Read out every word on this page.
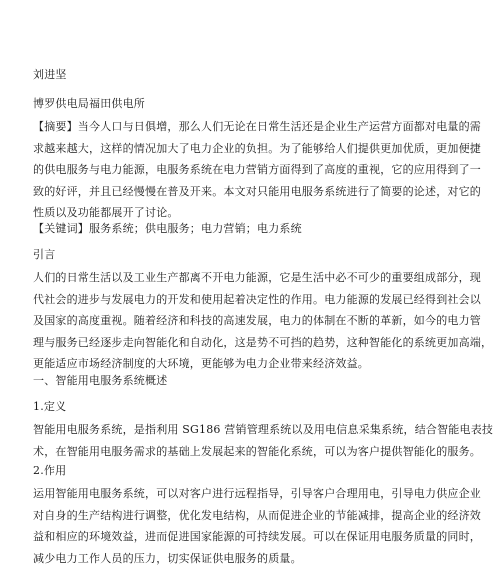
刘进坚
博罗供电局福田供电所
【摘要】当今人口与日俱增，那么人们无论在日常生活还是企业生产运营方面都对电量的需
求越来越大，这样的情况加大了电力企业的负担。为了能够给人们提供更加优质，更加便捷
的供电服务与电力能源，电服务系统在电力营销方面得到了高度的重视，它的应用得到了一
致的好评，并且已经慢慢在普及开来。本文对只能用电服务系统进行了简要的论述，对它的
性质以及功能都展开了讨论。
【关键词】服务系统；供电服务；电力营销；电力系统
引言
人们的日常生活以及工业生产都离不开电力能源，它是生活中必不可少的重要组成部分，现
代社会的进步与发展电力的开发和使用起着决定性的作用。电力能源的发展已经得到社会以
及国家的高度重视。随着经济和科技的高速发展，电力的体制在不断的革新，如今的电力管
理与服务已经逐步走向智能化和自动化，这是势不可挡的趋势，这种智能化的系统更加高端，
更能适应市场经济制度的大环境，更能够为电力企业带来经济效益。
一、智能用电服务系统概述
1.定义
智能用电服务系统，是指利用 SG186 营销管理系统以及用电信息采集系统，结合智能电表技
术，在智能用电服务需求的基础上发展起来的智能化系统，可以为客户提供智能化的服务。
2.作用
运用智能用电服务系统，可以对客户进行远程指导，引导客户合理用电，引导电力供应企业
对自身的生产结构进行调整，优化发电结构，从而促进企业的节能减排，提高企业的经济效
益和相应的环境效益，进而促进国家能源的可持续发展。可以在保证用电服务质量的同时，
减少电力工作人员的压力，切实保证供电服务的质量。
